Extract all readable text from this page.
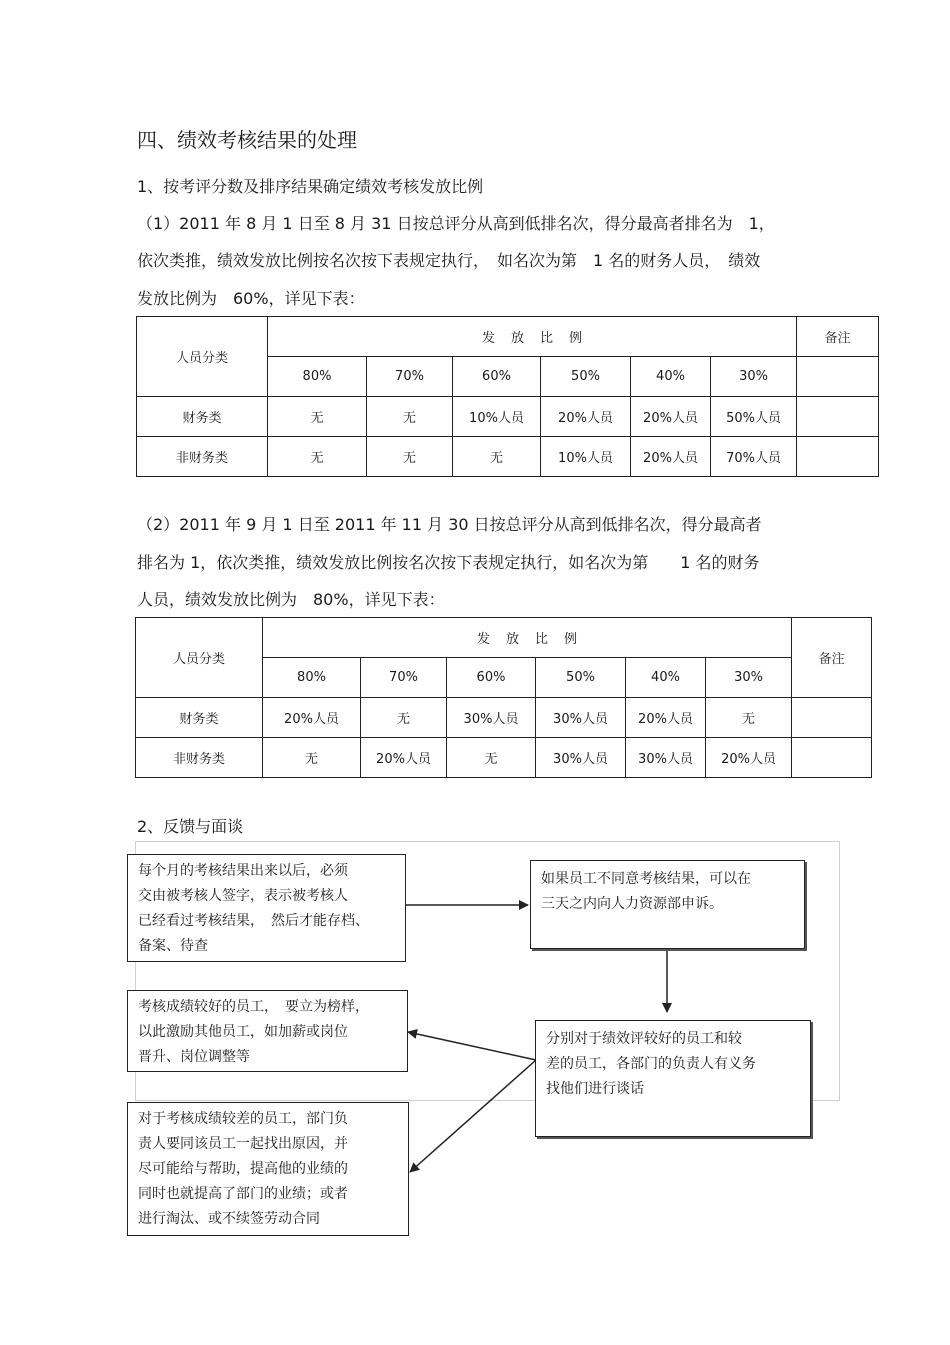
四、绩效考核结果的处理
1、按考评分数及排序结果确定绩效考核发放比例
（1）2011 年 8 月 1 日至 8 月 31 日按总评分从高到低排名次，得分最高者排名为　1，
依次类推，绩效发放比例按名次按下表规定执行，　如名次为第　1 名的财务人员，　绩效
发放比例为　60%，详见下表：
人员分类	发放比例						备注
	80%	70%	60%	50%	40%	30%	
财务类	无	无	10%人员	20%人员	20%人员	50%人员	
非财务类	无	无	无	10%人员	20%人员	70%人员	
（2）2011 年 9 月 1 日至 2011 年 11 月 30 日按总评分从高到低排名次，得分最高者
排名为 1，依次类推，绩效发放比例按名次按下表规定执行，如名次为第　　1 名的财务
人员，绩效发放比例为　80%，详见下表：
人员分类	发放比例						备注
	80%	70%	60%	50%	40%	30%	
财务类	20%人员	无	30%人员	30%人员	20%人员	无	
非财务类	无	20%人员	无	30%人员	30%人员	20%人员	
2、反馈与面谈
每个月的考核结果出来以后，必须
交由被考核人签字，表示被考核人
已经看过考核结果，　然后才能存档、
备案、待查
如果员工不同意考核结果，可以在
三天之内向人力资源部申诉。
考核成绩较好的员工，　要立为榜样，
以此激励其他员工，如加薪或岗位
晋升、岗位调整等
分别对于绩效评较好的员工和较
差的员工，各部门的负责人有义务
找他们进行谈话
对于考核成绩较差的员工，部门负
责人要同该员工一起找出原因，并
尽可能给与帮助，提高他的业绩的
同时也就提高了部门的业绩；或者
进行淘汰、或不续签劳动合同
